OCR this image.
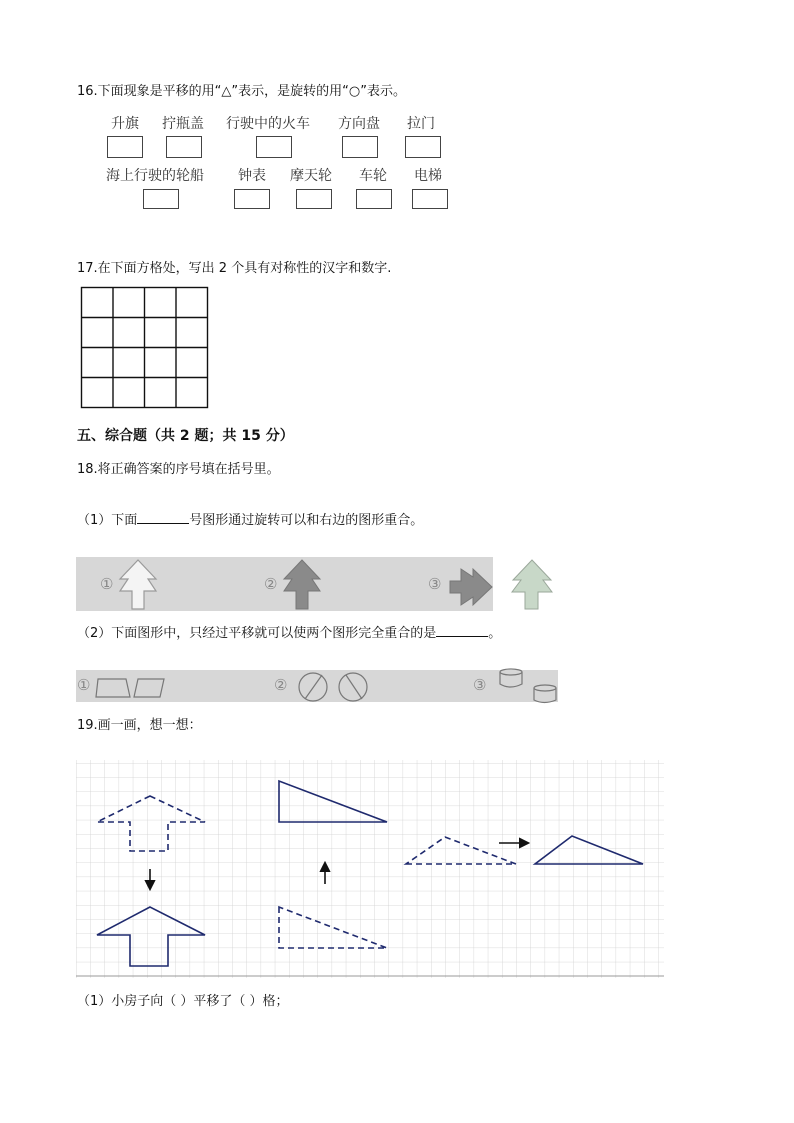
16.下面现象是平移的用“△”表示，是旋转的用“○”表示。
升旗 拧瓶盖 行驶中的火车 方向盘 拉门
海上行驶的轮船 钟表 摩天轮 车轮 电梯
17.在下面方格处，写出 2 个具有对称性的汉字和数字.
五、综合题（共 2 题；共 15 分）
18.将正确答案的序号填在括号里。
（1）下面	号图形通过旋转可以和右边的图形重合。
①	②	③
（2）下面图形中，只经过平移就可以使两个图形完全重合的是	。
①	②	③
19.画一画，想一想：
（1）小房子向（ ）平移了（ ）格；
